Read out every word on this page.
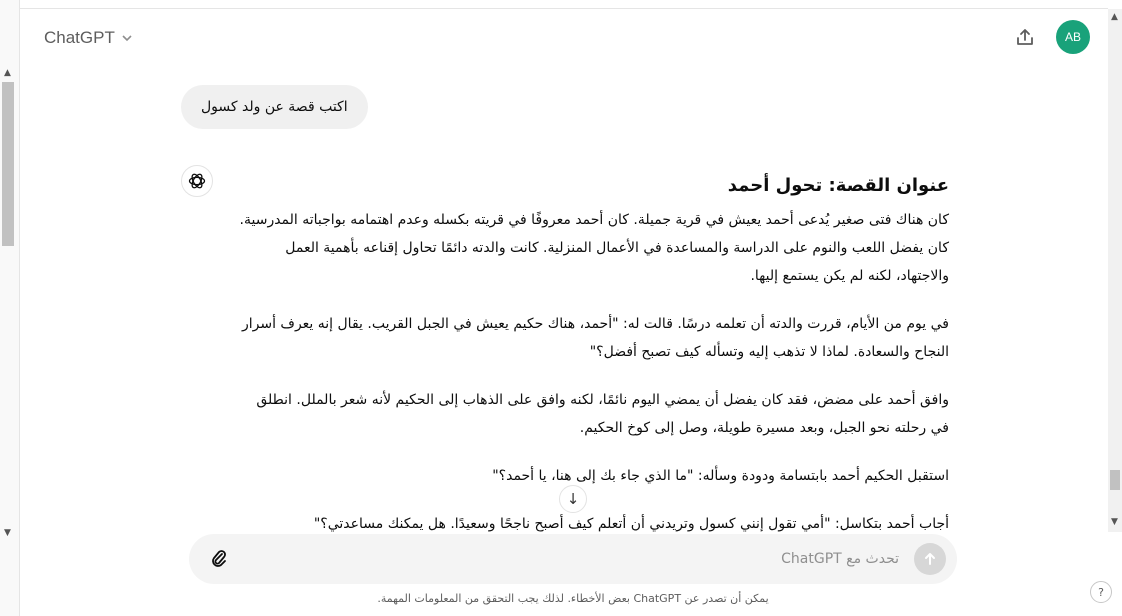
▲
▼
ChatGPT	AB
اكتب قصة عن ولد كسول
عنوان القصة: تحول أحمد

كان هناك فتى صغير يُدعى أحمد يعيش في قرية جميلة. كان أحمد معروفًا في قريته بكسله وعدم اهتمامه بواجباته المدرسية. كان يفضل اللعب والنوم على الدراسة والمساعدة في الأعمال المنزلية. كانت والدته دائمًا تحاول إقناعه بأهمية العمل والاجتهاد، لكنه لم يكن يستمع إليها.

في يوم من الأيام، قررت والدته أن تعلمه درسًا. قالت له: "أحمد، هناك حكيم يعيش في الجبل القريب. يقال إنه يعرف أسرار النجاح والسعادة. لماذا لا تذهب إليه وتسأله كيف تصبح أفضل؟"

وافق أحمد على مضض، فقد كان يفضل أن يمضي اليوم نائمًا، لكنه وافق على الذهاب إلى الحكيم لأنه شعر بالملل. انطلق في رحلته نحو الجبل، وبعد مسيرة طويلة، وصل إلى كوخ الحكيم.

استقبل الحكيم أحمد بابتسامة ودودة وسأله: "ما الذي جاء بك إلى هنا، يا أحمد؟"

أجاب أحمد بتكاسل: "أمي تقول إنني كسول وتريدني أن أتعلم كيف أصبح ناجحًا وسعيدًا. هل يمكنك مساعدتي؟"

↓
▲
▼
تحدث مع ChatGPT
يمكن أن تصدر عن ChatGPT بعض الأخطاء. لذلك يجب التحقق من المعلومات المهمة.	?
